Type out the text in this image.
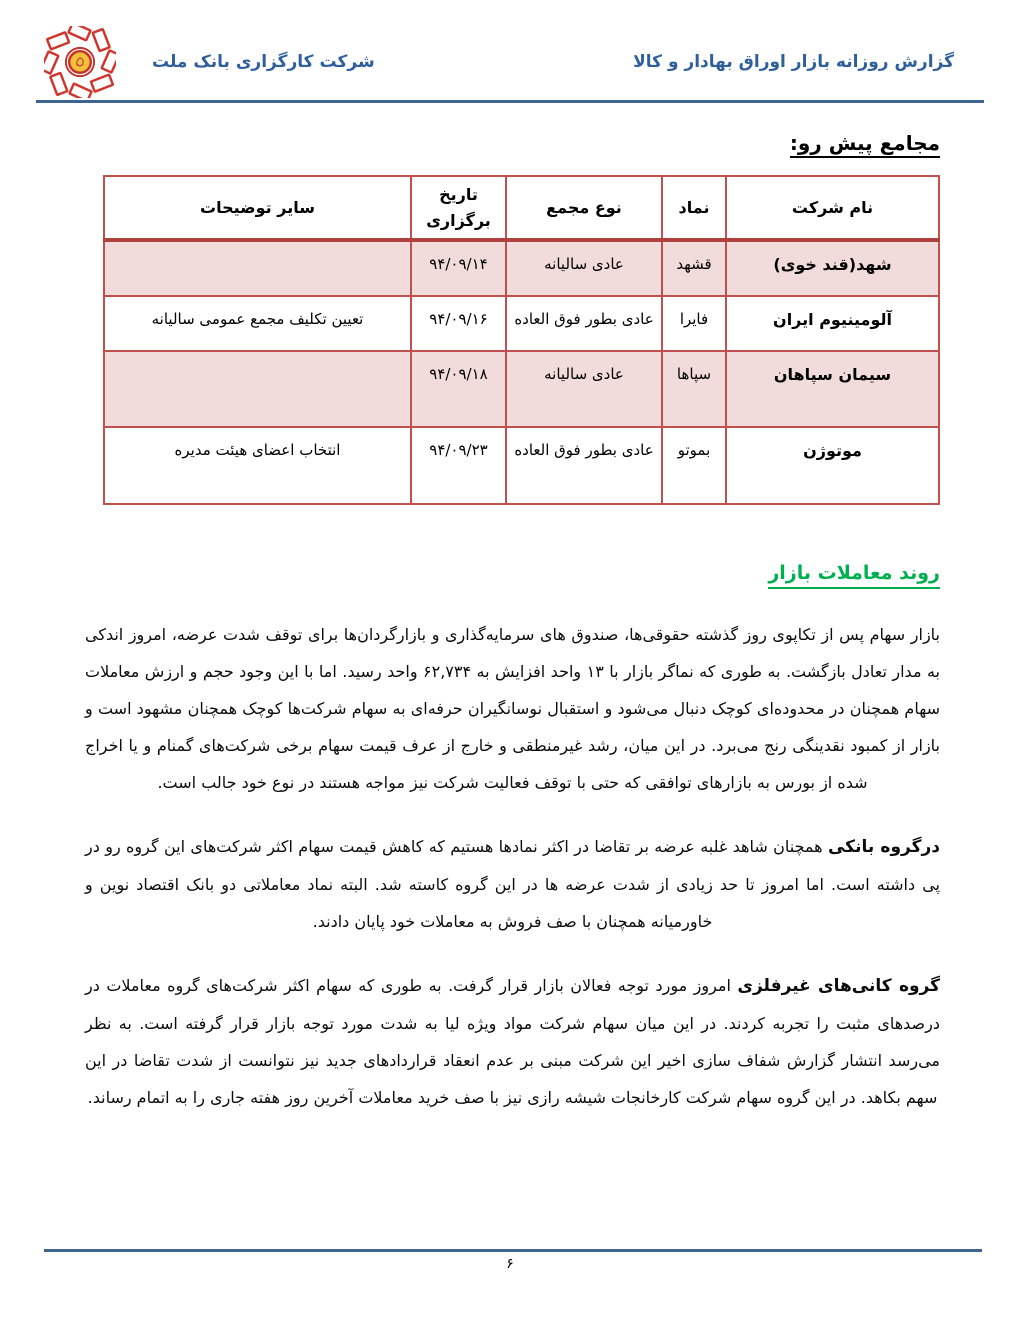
شرکت کارگزاری بانک ملت	گزارش روزانه بازار اوراق بهادار و کالا
مجامع پیش رو:
نام شرکت	نماد	نوع مجمع	تاریخ برگزاری	سایر توضیحات
شهد(قند خوی)	قشهد	عادی سالیانه	۹۴/۰۹/۱۴	
آلومینیوم ایران	فایرا	عادی بطور فوق العاده	۹۴/۰۹/۱۶	تعیین تکلیف مجمع عمومی سالیانه
سیمان سپاهان	سپاها	عادی سالیانه	۹۴/۰۹/۱۸	
موتوژن	بموتو	عادی بطور فوق العاده	۹۴/۰۹/۲۳	انتخاب اعضای هیئت مدیره
روند معاملات بازار

بازار سهام پس از تکاپوی روز گذشته حقوقی‌ها، صندوق های سرمایه‌گذاری و بازارگردان‌ها برای توقف شدت عرضه، امروز اندکی به مدار تعادل بازگشت. به طوری که نماگر بازار با ۱۳ واحد افزایش به ۶۲,۷۳۴ واحد رسید. اما با این وجود حجم و ارزش معاملات سهام همچنان در محدوده‌ای کوچک دنبال می‌شود و استقبال نوسانگیران حرفه‌ای به سهام شرکت‌ها کوچک همچنان مشهود است و بازار از کمبود نقدینگی رنج می‌برد. در این میان، رشد غیرمنطقی و خارج از عرف قیمت سهام برخی شرکت‌های گمنام و یا اخراج شده از بورس به بازارهای توافقی که حتی با توقف فعالیت شرکت نیز مواجه هستند در نوع خود جالب است.

درگروه بانکی همچنان شاهد غلبه عرضه بر تقاضا در اکثر نمادها هستیم که کاهش قیمت سهام اکثر شرکت‌های این گروه رو در پی داشته است. اما امروز تا حد زیادی از شدت عرضه ها در این گروه کاسته شد. البته نماد معاملاتی دو بانک اقتصاد نوین و خاورمیانه همچنان با صف فروش به معاملات خود پایان دادند.

گروه کانی‌های غیرفلزی امروز مورد توجه فعالان بازار قرار گرفت. به طوری که سهام اکثر شرکت‌های گروه معاملات در درصدهای مثبت را تجربه کردند. در این میان سهام شرکت مواد ویژه لیا به شدت مورد توجه بازار قرار گرفته است. به نظر می‌رسد انتشار گزارش شفاف سازی اخیر این شرکت مبنی بر عدم انعقاد قراردادهای جدید نیز نتوانست از شدت تقاضا در این سهم بکاهد. در این گروه سهام شرکت کارخانجات شیشه رازی نیز با صف خرید معاملات آخرین روز هفته جاری را به اتمام رساند.

۶
